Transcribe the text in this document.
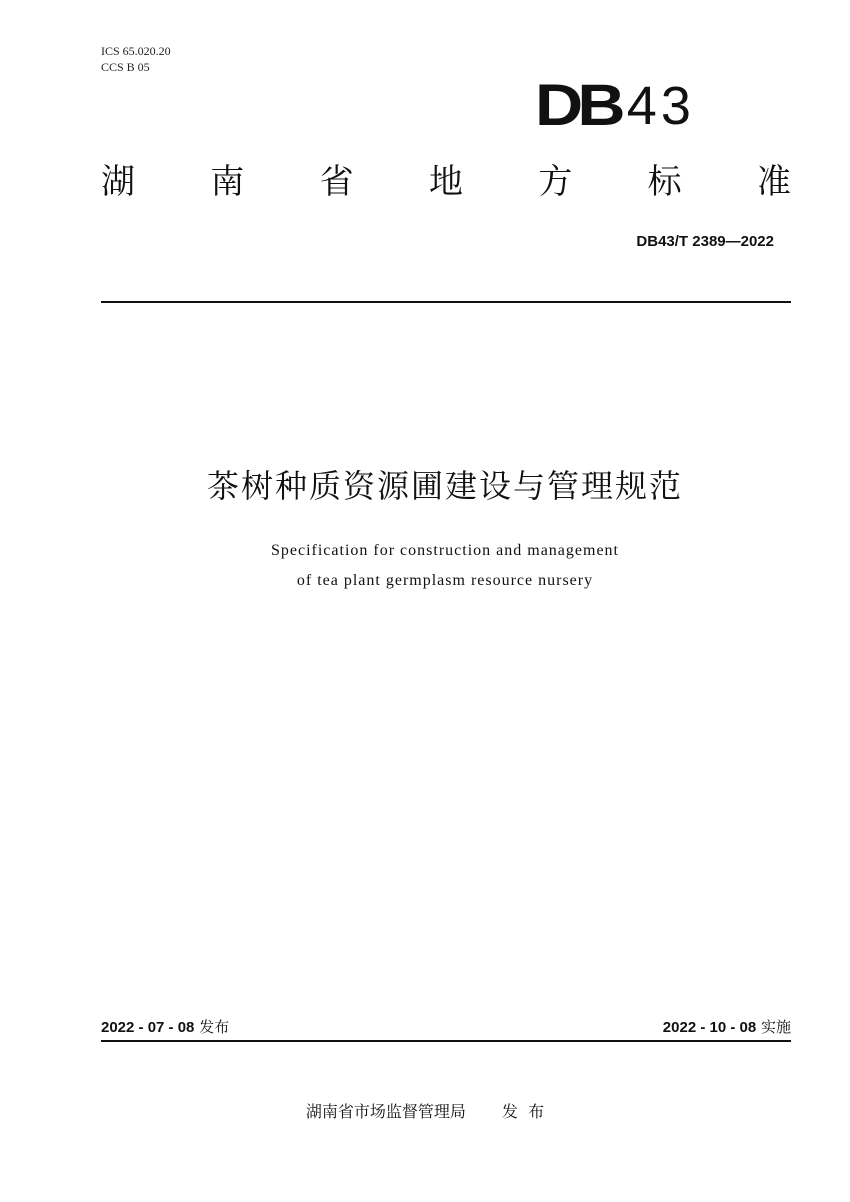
ICS 65.020.20
CCS B 05
DB 43
湖 南 省 地 方 标 准
DB43/T 2389—2022
茶树种质资源圃建设与管理规范
Specification for construction and management
of tea plant germplasm resource nursery
2022 - 07 - 08 发布	2022 - 10 - 08 实施
湖南省市场监督管理局 发  布
